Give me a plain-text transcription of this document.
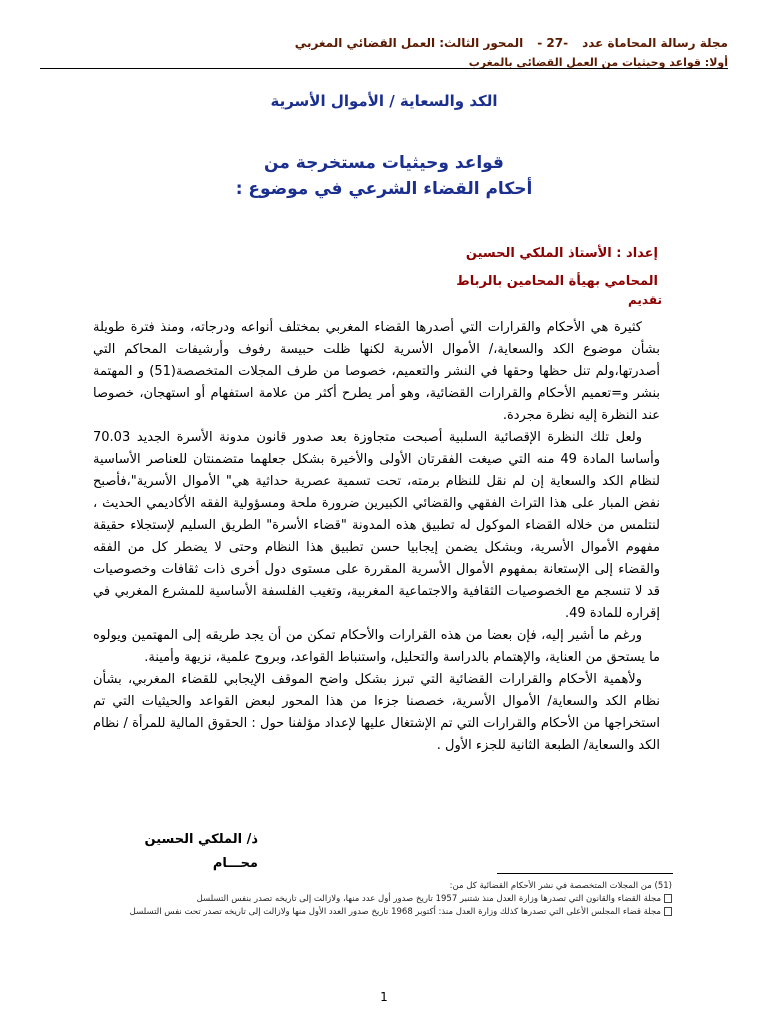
مجلة رسالة المحاماة عدد
-27 -
المحور الثالث: العمل القضائي المغربي
أولا: قواعد وحيثيات من العمل القضائي بالمغرب
الكد والسعاية / الأموال الأسرية
قواعد وحيثيات مستخرجة من
أحكام القضاء الشرعي في موضوع :
إعداد : الأستاذ الملكي الحسين
المحامي بهيأة المحامين بالرباط
تقديم

كثيرة هي الأحكام والقرارات التي أصدرها القضاء المغربي بمختلف أنواعه ودرجاته، ومنذ فترة طويلة بشأن موضوع الكد والسعاية،/ الأموال الأسرية لكنها ظلت حبيسة رفوف وأرشيفات المحاكم التي أصدرتها،ولم تنل حظها وحقها في النشر والتعميم، خصوصا من طرف المجلات المتخصصة(51) و المهتمة بنشر و=تعميم الأحكام والقرارات القضائية، وهو أمر يطرح أكثر من علامة استفهام أو استهجان، خصوصا عند النظرة إليه نظرة مجردة.

ولعل تلك النظرة الإقصائية السلبية أصبحت متجاوزة بعد صدور قانون مدونة الأسرة الجديد 70.03 وأساسا المادة 49 منه التي صيغت الفقرتان الأولى والأخيرة بشكل جعلهما متضمنتان للعناصر الأساسية لنظام الكد والسعاية إن لم نقل للنظام برمته، تحت تسمية عصرية حداثية هي" الأموال الأسرية"،فأصبح نفض المبار على هذا التراث الفقهي والقضائي الكبيرين ضرورة ملحة ومسؤولية الفقه الأكاديمي الحديث ، لنتلمس من خلاله القضاء الموكول له تطبيق هذه المدونة "قضاء الأسرة" الطريق السليم لإستجلاء حقيقة مفهوم الأموال الأسرية، وبشكل يضمن إيجابيا حسن تطبيق هذا النظام وحتى لا يضطر كل من الفقه والقضاء إلى الإستعانة بمفهوم الأموال الأسرية المقررة على مستوى دول أخرى ذات ثقافات وخصوصيات قد لا تنسجم مع الخصوصيات الثقافية والاجتماعية المغربية، وتغيب الفلسفة الأساسية للمشرع المغربي في إقراره للمادة 49.

ورغم ما أشير إليه، فإن بعضا من هذه القرارات والأحكام تمكن من أن يجد طريقه إلى المهتمين ويولوه ما يستحق من العناية، والإهتمام بالدراسة والتحليل، واستنباط القواعد، وبروح علمية، نزيهة وأمينة.

ولأهمية الأحكام والقرارات القضائية التي تبرز بشكل واضح الموقف الإيجابي للقضاء المغربي، بشأن نظام الكد والسعاية/ الأموال الأسرية، خصصنا جزءا من هذا المحور لبعض القواعد والحيثيات التي تم استخراجها من الأحكام والقرارات التي تم الإشتغال عليها لإعداد مؤلفنا حول : الحقوق المالية للمرأة / نظام الكد والسعاية/ الطبعة الثانية للجزء الأول .

ذ/ الملكي الحسين
محـــام
(51) من المجلات المتخصصة في نشر الأحكام القضائية كل من:
مجلة القضاء والقانون التي تصدرها وزارة العدل منذ شتنبر 1957 تاريخ صدور أول عدد منها، ولازالت إلى تاريخه تصدر بنفس التسلسل
مجلة قضاء المجلس الأعلى التي تصدرها كذلك وزارة العدل منذ: أكتوبر 1968 تاريخ صدور العدد الأول منها ولازالت إلى تاريخه تصدر تحت نفس التسلسل
1
